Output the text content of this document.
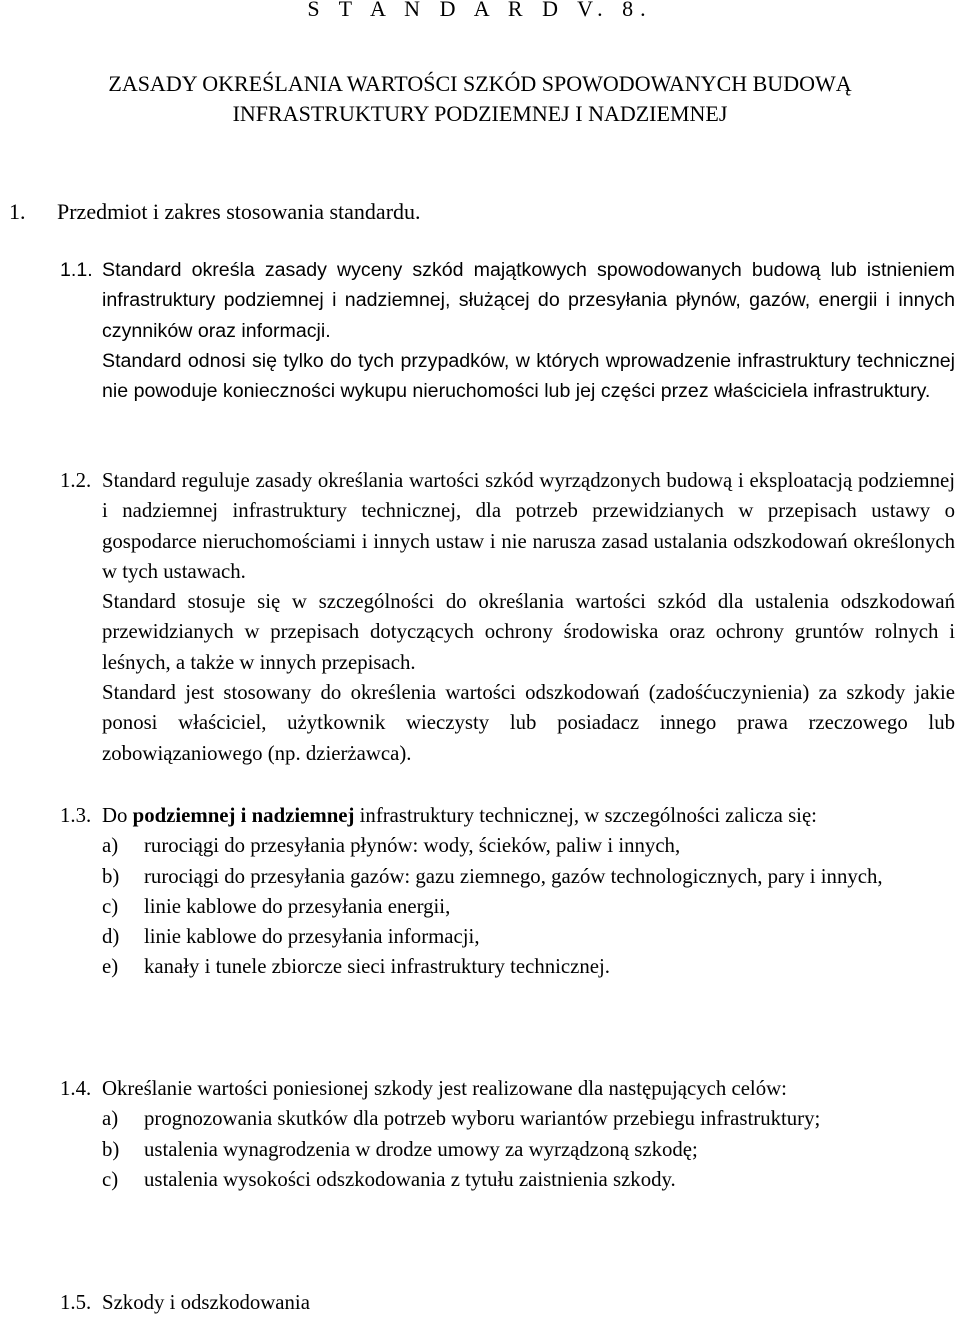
S T A N D A R D V. 8.
ZASADY OKREŚLANIA WARTOŚCI SZKÓD SPOWODOWANYCH BUDOWĄ
INFRASTRUKTURY PODZIEMNEJ I NADZIEMNEJ
1. Przedmiot i zakres stosowania standardu.
1.1. Standard określa zasady wyceny szkód majątkowych spowodowanych budową lub istnieniem infrastruktury podziemnej i nadziemnej, służącej do przesyłania płynów, gazów, energii i innych czynników oraz informacji.

Standard odnosi się tylko do tych przypadków, w których wprowadzenie infrastruktury technicznej nie powoduje konieczności wykupu nieruchomości lub jej części przez właściciela infrastruktury.

1.2. Standard reguluje zasady określania wartości szkód wyrządzonych budową i eksploatacją podziemnej i nadziemnej infrastruktury technicznej, dla potrzeb przewidzianych w przepisach ustawy o gospodarce nieruchomościami i innych ustaw i nie narusza zasad ustalania odszkodowań określonych w tych ustawach.

Standard stosuje się w szczególności do określania wartości szkód dla ustalenia odszkodowań przewidzianych w przepisach dotyczących ochrony środowiska oraz ochrony gruntów rolnych i leśnych, a także w innych przepisach.

Standard jest stosowany do określenia wartości odszkodowań (zadośćuczynienia) za szkody jakie ponosi właściciel, użytkownik wieczysty lub posiadacz innego prawa rzeczowego lub zobowiązaniowego (np. dzierżawca).

1.3. Do podziemnej i nadziemnej infrastruktury technicznej, w szczególności zalicza się:

a) rurociągi do przesyłania płynów: wody, ścieków, paliw i innych,
b) rurociągi do przesyłania gazów: gazu ziemnego, gazów technologicznych, pary i innych,
c) linie kablowe do przesyłania energii,
d) linie kablowe do przesyłania informacji,
e) kanały i tunele zbiorcze sieci infrastruktury technicznej.
1.4. Określanie wartości poniesionej szkody jest realizowane dla następujących celów:

a) prognozowania skutków dla potrzeb wyboru wariantów przebiegu infrastruktury;
b) ustalenia wynagrodzenia w drodze umowy za wyrządzoną szkodę;
c) ustalenia wysokości odszkodowania z tytułu zaistnienia szkody.
1.5. Szkody i odszkodowania
